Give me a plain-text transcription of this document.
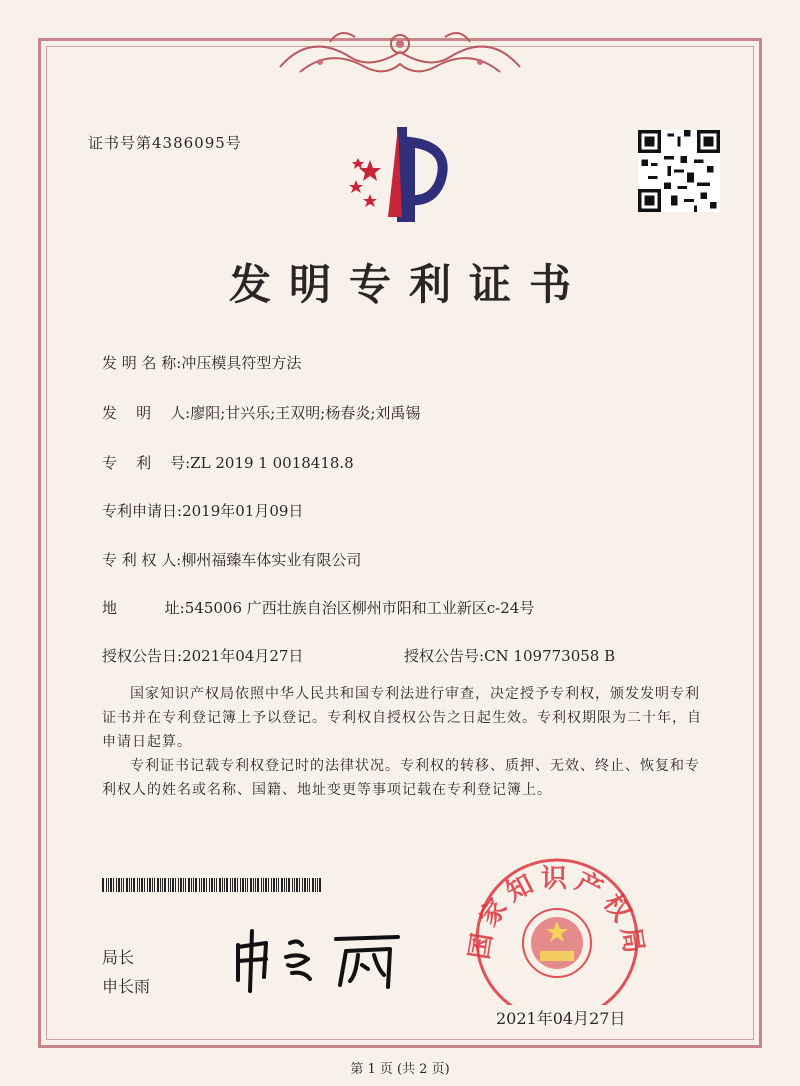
证书号第4386095号
发明专利证书
发 明 名 称:冲压模具符型方法
发    明    人:廖阳;甘兴乐;王双明;杨春炎;刘禹锡
专    利    号:ZL 2019 1 0018418.8
专利申请日:2019年01月09日
专 利 权 人:柳州福臻车体实业有限公司
地          址:545006 广西壮族自治区柳州市阳和工业新区c-24号
授权公告日:2021年04月27日	授权公告号:CN 109773058 B
国家知识产权局依照中华人民共和国专利法进行审查，决定授予专利权，颁发发明专利证书并在专利登记簿上予以登记。专利权自授权公告之日起生效。专利权期限为二十年，自申请日起算。
专利证书记载专利权登记时的法律状况。专利权的转移、质押、无效、终止、恢复和专利权人的姓名或名称、国籍、地址变更等事项记载在专利登记簿上。
局长
申长雨
国家知识产权局
2021年04月27日
第 1 页 (共 2 页)
